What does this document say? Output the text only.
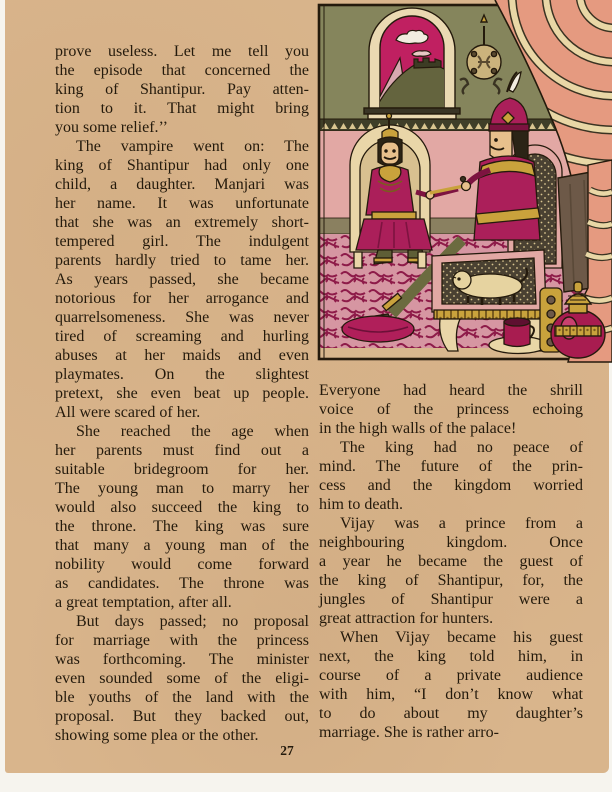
prove useless. Let me tell you
the episode that concerned the
king of Shantipur. Pay atten-
tion to it. That might bring
you some relief.’’
The vampire went on: The
king of Shantipur had only one
child, a daughter. Manjari was
her name. It was unfortunate
that she was an extremely short-
tempered girl. The indulgent
parents hardly tried to tame her.
As years passed, she became
notorious for her arrogance and
quarrelsomeness. She was never
tired of screaming and hurling
abuses at her maids and even
playmates. On the slightest
pretext, she even beat up people.
All were scared of her.
She reached the age when
her parents must find out a
suitable bridegroom for her.
The young man to marry her
would also succeed the king to
the throne. The king was sure
that many a young man of the
nobility would come forward
as candidates. The throne was
a great temptation, after all.
But days passed; no proposal
for marriage with the princess
was forthcoming. The minister
even sounded some of the eligi-
ble youths of the land with the
proposal. But they backed out,
showing some plea or the other.
Everyone had heard the shrill
voice of the princess echoing
in the high walls of the palace!
The king had no peace of
mind. The future of the prin-
cess and the kingdom worried
him to death.
Vijay was a prince from a
neighbouring kingdom. Once
a year he became the guest of
the king of Shantipur, for, the
jungles of Shantipur were a
great attraction for hunters.
When Vijay became his guest
next, the king told him, in
course of a private audience
with him, “I don’t know what
to do about my daughter’s
marriage. She is rather arro-
27
